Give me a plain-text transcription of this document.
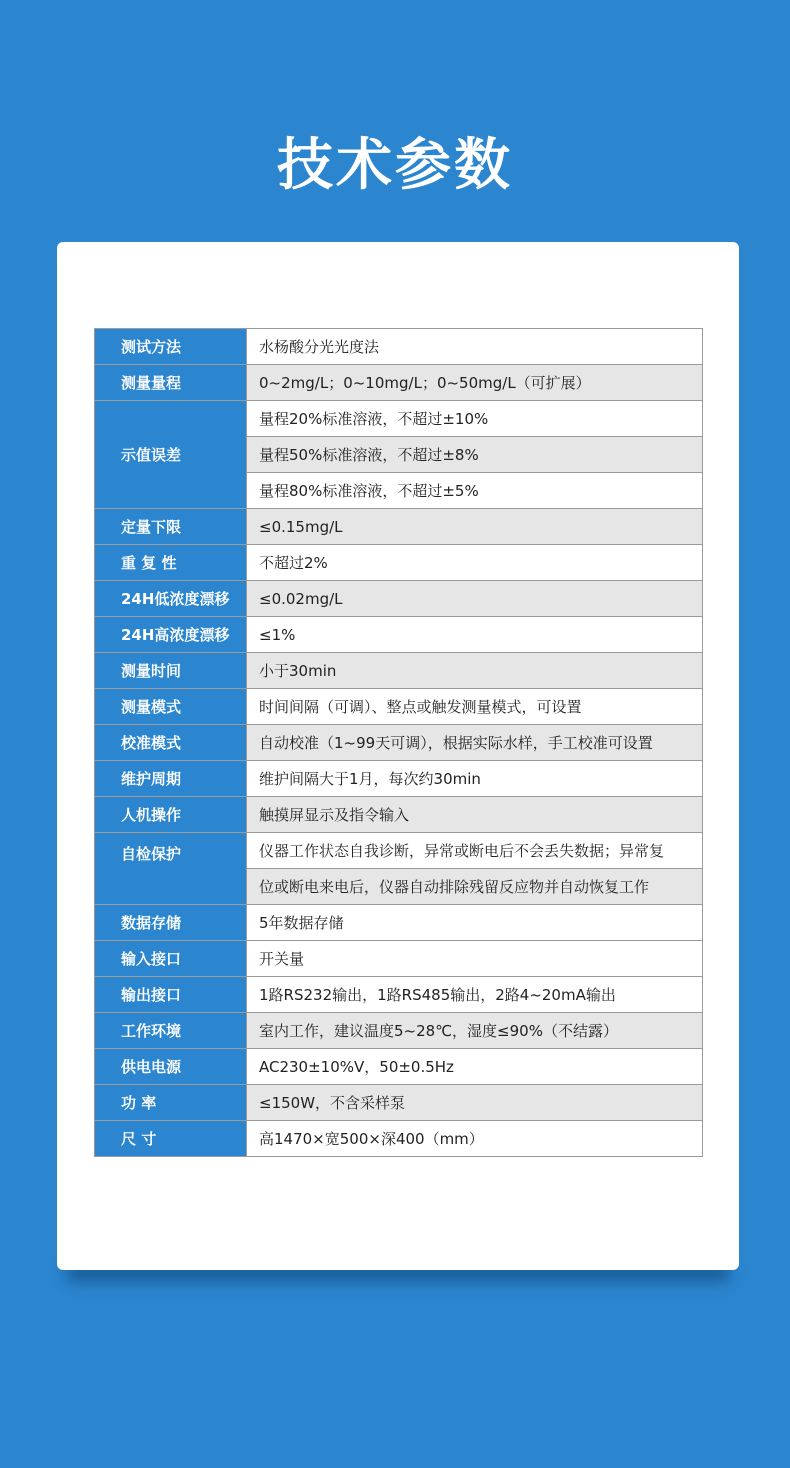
技术参数
测试方法	水杨酸分光光度法
测量量程	0~2mg/L；0~10mg/L；0~50mg/L（可扩展）
示值误差	量程20%标准溶液，不超过±10%
	量程50%标准溶液，不超过±8%
	量程80%标准溶液，不超过±5%
定量下限	≤0.15mg/L
重 复 性	不超过2%
24H低浓度漂移	≤0.02mg/L
24H高浓度漂移	≤1%
测量时间	小于30min
测量模式	时间间隔（可调）、整点或触发测量模式，可设置
校准模式	自动校准（1~99天可调），根据实际水样，手工校准可设置
维护周期	维护间隔大于1月，每次约30min
人机操作	触摸屏显示及指令输入
自检保护	仪器工作状态自我诊断，异常或断电后不会丢失数据；异常复
	位或断电来电后，仪器自动排除残留反应物并自动恢复工作
数据存储	5年数据存储
输入接口	开关量
输出接口	1路RS232输出，1路RS485输出，2路4~20mA输出
工作环境	室内工作，建议温度5~28℃，湿度≤90%（不结露）
供电电源	AC230±10%V，50±0.5Hz
功 率	≤150W，不含采样泵
尺 寸	高1470×宽500×深400（mm）
